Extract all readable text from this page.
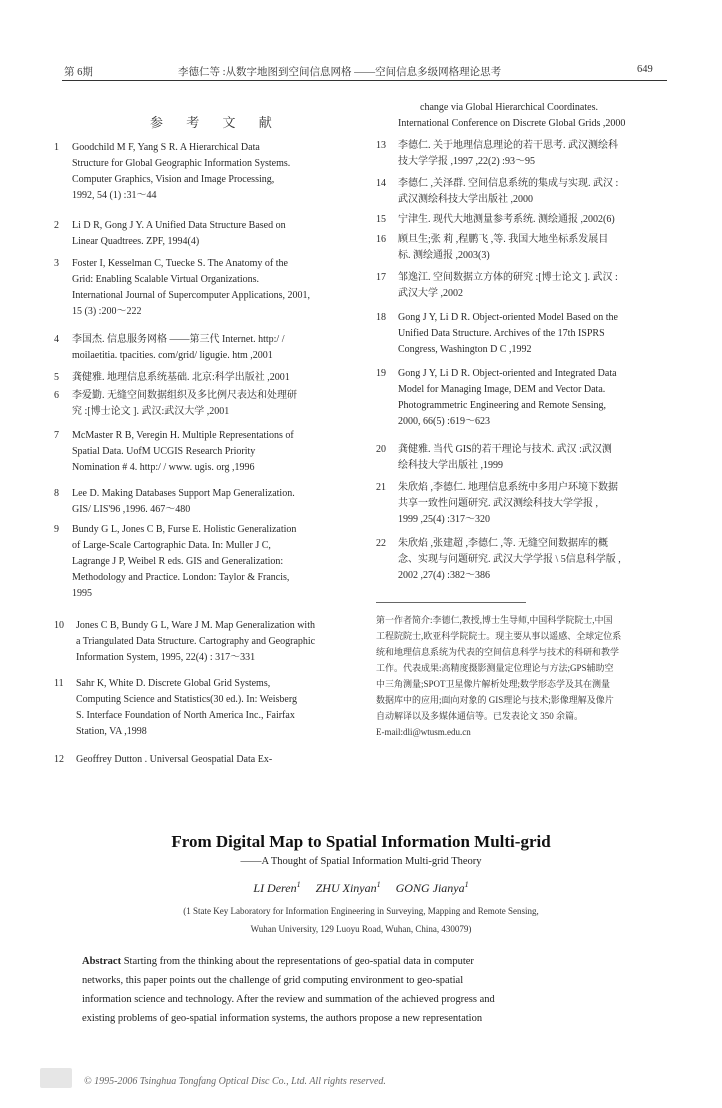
第 6期	李德仁等 :从数字地图到空间信息网格 ——空间信息多级网格理论思考	649
参 考 文 献
1	Goodchild M F, Yang S R. A Hierarchical Data
Structure for Global Geographic Information Systems.
Computer Graphics, Vision and Image Processing,
1992, 54 (1) :31～44
2	Li D R, Gong J Y. A Unified Data Structure Based on
Linear Quadtrees. ZPF, 1994(4)
3	Foster I, Kesselman C, Tuecke S. The Anatomy of the
Grid: Enabling Scalable Virtual Organizations.
International Journal of Supercomputer Applications, 2001,
15 (3) :200～222
4	李国杰. 信息服务网格 ——第三代 Internet. http:/ /
moilaetitia. tpacities. com/grid/ ligugie. htm ,2001
5	龚健雅. 地理信息系统基础. 北京:科学出版社 ,2001
6	李爱勤. 无缝空间数据组织及多比例尺表达和处理研
究 :[博士论文 ]. 武汉:武汉大学 ,2001
7	McMaster R B, Veregin H. Multiple Representations of
Spatial Data. UofM UCGIS Research Priority
Nomination # 4. http:/ / www. ugis. org ,1996
8	Lee D. Making Databases Support Map Generalization.
GIS/ LIS'96 ,1996. 467～480
9	Bundy G L, Jones C B, Furse E. Holistic Generalization
of Large-Scale Cartographic Data. In: Muller J C,
Lagrange J P, Weibel R eds. GIS and Generalization:
Methodology and Practice. London: Taylor & Francis,
1995
10	Jones C B, Bundy G L, Ware J M. Map Generalization with
a Triangulated Data Structure. Cartography and Geographic
Information System, 1995, 22(4) : 317～331
11	Sahr K, White D. Discrete Global Grid Systems,
Computing Science and Statistics(30 ed.). In: Weisberg
S. Interface Foundation of North America Inc., Fairfax
Station, VA ,1998
12	Geoffrey Dutton . Universal Geospatial Data Ex-
change via Global Hierarchical Coordinates.
International Conference on Discrete Global Grids ,2000
13	李德仁. 关于地理信息理论的若干思考. 武汉测绘科
技大学学报 ,1997 ,22(2) :93～95
14	李德仁 ,关泽群. 空间信息系统的集成与实现. 武汉 :
武汉测绘科技大学出版社 ,2000
15	宁津生. 现代大地测量参考系统. 测绘通报 ,2002(6)
16	顾旦生;张 莉 ,程鹏飞 ,等. 我国大地坐标系发展目
标. 测绘通报 ,2003(3)
17	邹逸江. 空间数据立方体的研究 :[博士论文 ]. 武汉 :
武汉大学 ,2002
18	Gong J Y, Li D R. Object-oriented Model Based on the
Unified Data Structure. Archives of the 17th ISPRS
Congress, Washington D C ,1992
19	Gong J Y, Li D R. Object-oriented and Integrated Data
Model for Managing Image, DEM and Vector Data.
Photogrammetric Engineering and Remote Sensing,
2000, 66(5) :619～623
20	龚健雅. 当代 GIS的若干理论与技术. 武汉 :武汉测
绘科技大学出版社 ,1999
21	朱欣焰 ,李德仁. 地理信息系统中多用户环境下数据
共享一致性问题研究. 武汉测绘科技大学学报 ,
1999 ,25(4) :317～320
22	朱欣焰 ,张建超 ,李德仁 ,等. 无缝空间数据库的概
念、实现与问题研究. 武汉大学学报 \ 5信息科学版 ,
2002 ,27(4) :382～386
第一作者简介:李德仁,教授,博士生导师,中国科学院院士,中国
工程院院士,欧亚科学院院士。现主要从事以遥感、全球定位系
统和地理信息系统为代表的空间信息科学与技术的科研和教学
工作。代表成果:高精度摄影测量定位理论与方法;GPS辅助空
中三角测量;SPOT卫星像片解析处理;数学形态学及其在测量
数据库中的应用;面向对象的 GIS理论与技术;影像理解及像片
自动解译以及多媒体通信等。已发表论文 350 余篇。
E-mail:dli@wtusm.edu.cn
From Digital Map to Spatial Information Multi-grid
——A Thought of Spatial Information Multi-grid Theory
LI Deren$^1$ ZHU Xinyan$^1$ GONG Jianya$^1$
(1 State Key Laboratory for Information Engineering in Surveying, Mapping and Remote Sensing,
Wuhan University, 129 Luoyu Road, Wuhan, China, 430079)
Abstract Starting from the thinking about the representations of geo-spatial data in computer
networks, this paper points out the challenge of grid computing environment to geo-spatial
information science and technology. After the review and summation of the achieved progress and
existing problems of geo-spatial information systems, the authors propose a new representation
© 1995-2006 Tsinghua Tongfang Optical Disc Co., Ltd. All rights reserved.
